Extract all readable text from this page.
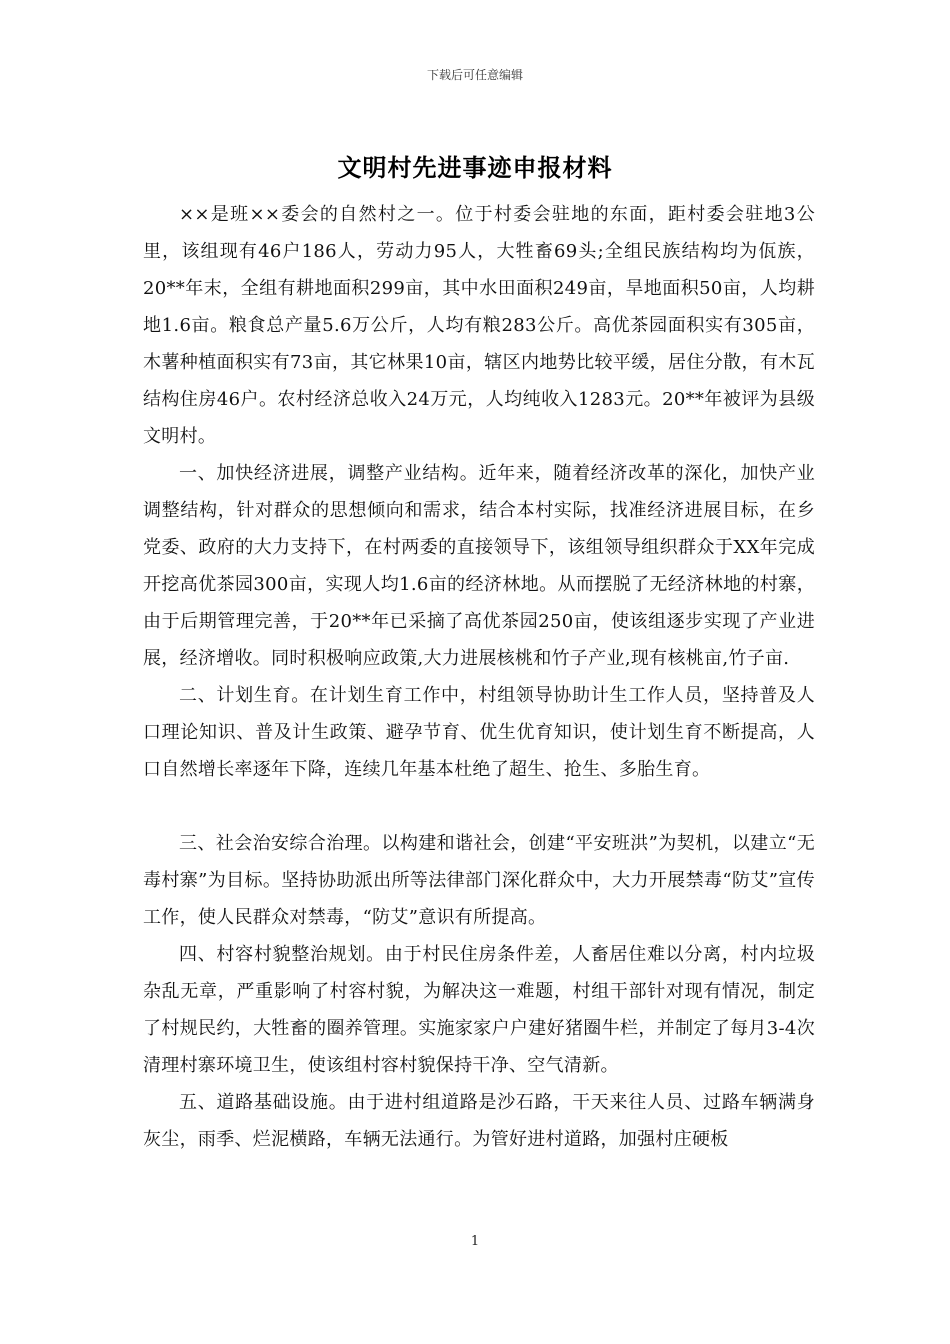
下载后可任意编辑
文明村先进事迹申报材料

××是班××委会的自然村之一。位于村委会驻地的东面，距村委会驻地3公里，该组现有46户186人，劳动力95人，大牲畜69头;全组民族结构均为佤族，20**年末，全组有耕地面积299亩，其中水田面积249亩，旱地面积50亩，人均耕地1.6亩。粮食总产量5.6万公斤，人均有粮283公斤。高优茶园面积实有305亩，木薯种植面积实有73亩，其它林果10亩，辖区内地势比较平缓，居住分散，有木瓦结构住房46户。农村经济总收入24万元，人均纯收入1283元。20**年被评为县级文明村。

一、加快经济进展，调整产业结构。近年来，随着经济改革的深化，加快产业调整结构，针对群众的思想倾向和需求，结合本村实际，找准经济进展目标，在乡党委、政府的大力支持下，在村两委的直接领导下，该组领导组织群众于XX年完成开挖高优茶园300亩，实现人均1.6亩的经济林地。从而摆脱了无经济林地的村寨，由于后期管理完善，于20**年已采摘了高优茶园250亩，使该组逐步实现了产业进展，经济增收。同时积极响应政策,大力进展核桃和竹子产业,现有核桃亩,竹子亩.

二、计划生育。在计划生育工作中，村组领导协助计生工作人员，坚持普及人口理论知识、普及计生政策、避孕节育、优生优育知识，使计划生育不断提高，人口自然增长率逐年下降，连续几年基本杜绝了超生、抢生、多胎生育。

三、社会治安综合治理。以构建和谐社会，创建“平安班洪”为契机，以建立“无毒村寨”为目标。坚持协助派出所等法律部门深化群众中，大力开展禁毒“防艾”宣传工作，使人民群众对禁毒，“防艾”意识有所提高。

四、村容村貌整治规划。由于村民住房条件差，人畜居住难以分离，村内垃圾杂乱无章，严重影响了村容村貌，为解决这一难题，村组干部针对现有情况，制定了村规民约，大牲畜的圈养管理。实施家家户户建好猪圈牛栏，并制定了每月3-4次清理村寨环境卫生，使该组村容村貌保持干净、空气清新。

五、道路基础设施。由于进村组道路是沙石路，干天来往人员、过路车辆满身灰尘，雨季、烂泥横路，车辆无法通行。为管好进村道路，加强村庄硬板

1
